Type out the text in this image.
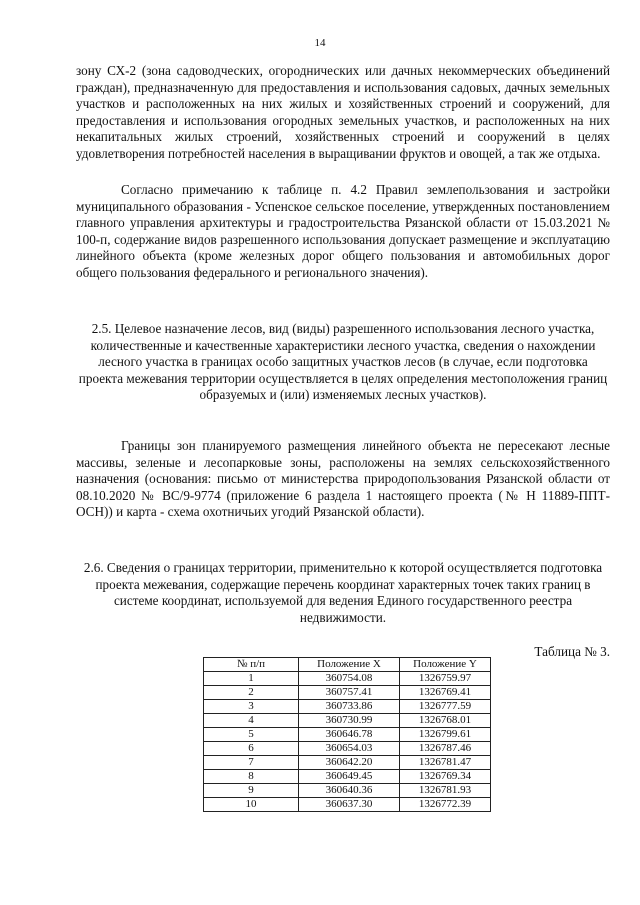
14

зону СХ-2 (зона садоводческих, огороднических или дачных некоммерческих объединений граждан), предназначенную для предоставления и использования садовых, дачных земельных участков и расположенных на них жилых и хозяйственных строений и сооружений, для предоставления и использования огородных земельных участков, и расположенных на них некапитальных жилых строений, хозяйственных строений и сооружений в целях удовлетворения потребностей населения в выращивании фруктов и овощей, а так же отдыха.

Согласно примечанию к таблице п. 4.2 Правил землепользования и застройки муниципального образования - Успенское сельское поселение, утвержденных постановлением главного управления архитектуры и градостроительства Рязанской области от 15.03.2021 № 100-п, содержание видов разрешенного использования допускает размещение и эксплуатацию линейного объекта (кроме железных дорог общего пользования и автомобильных дорог общего пользования федерального и регионального значения).

2.5. Целевое назначение лесов, вид (виды) разрешенного использования лесного участка, количественные и качественные характеристики лесного участка, сведения о нахождении лесного участка в границах особо защитных участков лесов (в случае, если подготовка проекта межевания территории осуществляется в целях определения местоположения границ образуемых и (или) изменяемых лесных участков).

Границы зон планируемого размещения линейного объекта не пересекают лесные массивы, зеленые и лесопарковые зоны, расположены на землях сельскохозяйственного назначения (основания: письмо от министерства природопользования Рязанской области от 08.10.2020 № ВС/9-9774 (приложение 6 раздела 1 настоящего проекта (№ Н 11889-ППТ-ОСН)) и карта - схема охотничьих угодий Рязанской области).

2.6. Сведения о границах территории, применительно к которой осуществляется подготовка проекта межевания, содержащие перечень координат характерных точек таких границ в системе координат, используемой для ведения Единого государственного реестра недвижимости.

Таблица № 3.
№ п/п	Положение X	Положение Y
1	360754.08	1326759.97
2	360757.41	1326769.41
3	360733.86	1326777.59
4	360730.99	1326768.01
5	360646.78	1326799.61
6	360654.03	1326787.46
7	360642.20	1326781.47
8	360649.45	1326769.34
9	360640.36	1326781.93
10	360637.30	1326772.39
